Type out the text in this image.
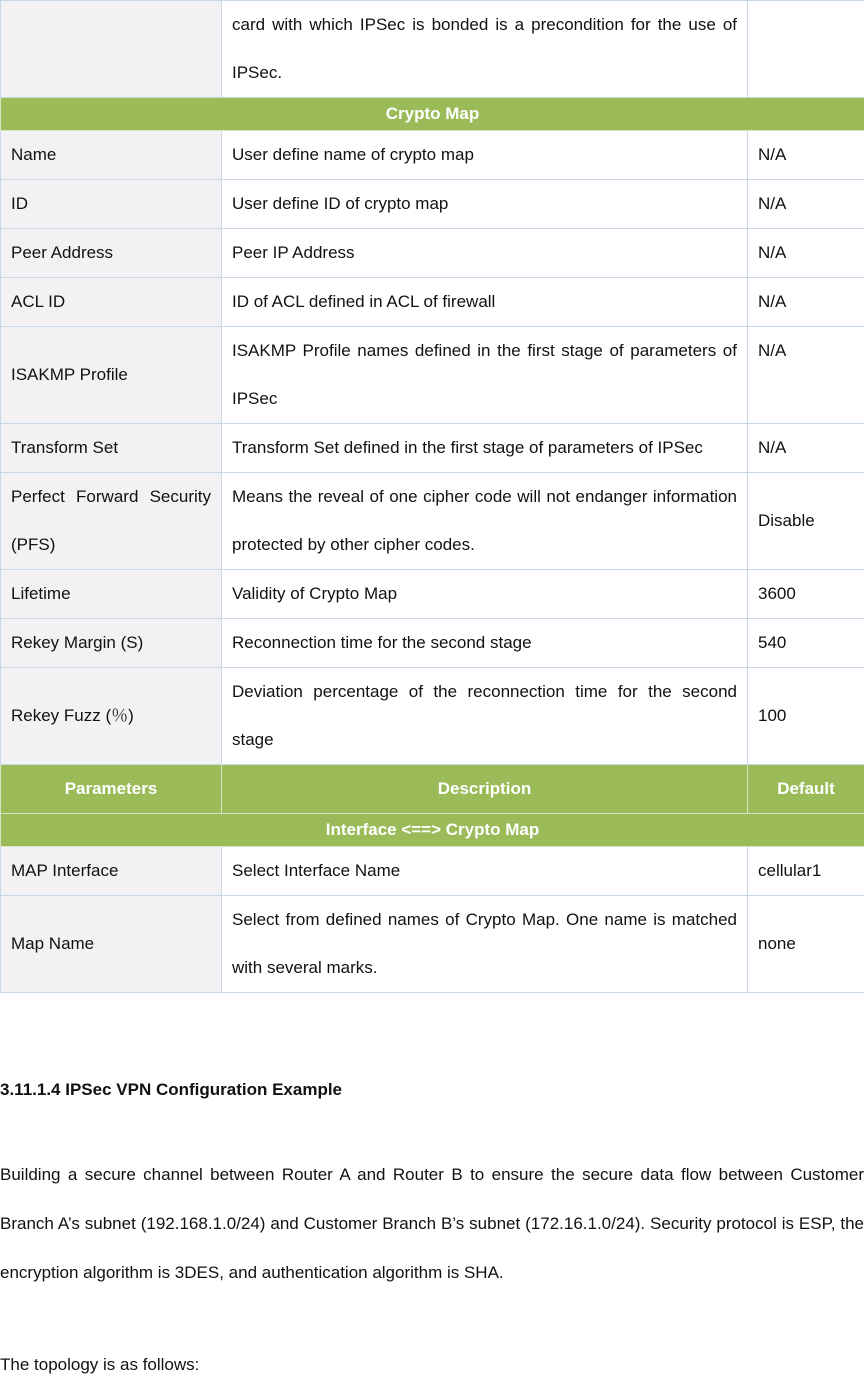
	card with which IPSec is bonded is a precondition for the use of IPSec.	
Crypto Map		
Name	User define name of crypto map	N/A
ID	User define ID of crypto map	N/A
Peer Address	Peer IP Address	N/A
ACL ID	ID of ACL defined in ACL of firewall	N/A
ISAKMP Profile	ISAKMP Profile names defined in the first stage of parameters of IPSec	N/A
Transform Set	Transform Set defined in the first stage of parameters of IPSec	N/A
Perfect Forward Security (PFS)	Means the reveal of one cipher code will not endanger information protected by other cipher codes.	Disable
Lifetime	Validity of Crypto Map	3600
Rekey Margin (S)	Reconnection time for the second stage	540
Rekey Fuzz (％)	Deviation percentage of the reconnection time for the second stage	100
Parameters	Description	Default
Interface <==> Crypto Map		
MAP Interface	Select Interface Name	cellular1
Map Name	Select from defined names of Crypto Map. One name is matched with several marks.	none
3.11.1.4 IPSec VPN Configuration Example
Building a secure channel between Router A and Router B to ensure the secure data flow between Customer Branch A’s subnet (192.168.1.0/24) and Customer Branch B’s subnet (172.16.1.0/24). Security protocol is ESP, the encryption algorithm is 3DES, and authentication algorithm is SHA.
The topology is as follows:
